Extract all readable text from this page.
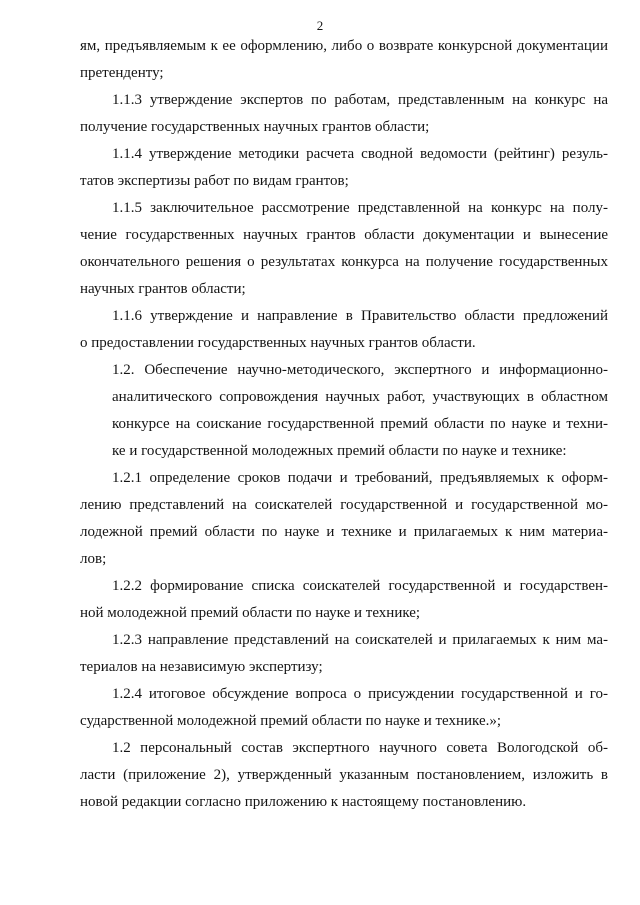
2
ям, предъявляемым к ее оформлению, либо о возврате конкурсной документации
претенденту;
1.1.3 утверждение экспертов по работам, представленным на конкурс на
получение государственных научных грантов области;
1.1.4 утверждение методики расчета сводной ведомости (рейтинг) резуль-
татов экспертизы работ по видам грантов;
1.1.5 заключительное рассмотрение представленной на конкурс на полу-
чение государственных научных грантов области документации и вынесение
окончательного решения о результатах конкурса на получение государственных
научных грантов области;
1.1.6 утверждение и направление в Правительство области предложений
о предоставлении государственных научных грантов области.
1.2. Обеспечение научно-методического, экспертного и информационно-
аналитического сопровождения научных работ, участвующих в областном
конкурсе на соискание государственной премий области по науке и техни-
ке и государственной молодежных премий области по науке и технике:
1.2.1 определение сроков подачи и требований, предъявляемых к оформ-
лению представлений на соискателей государственной и государственной мо-
лодежной премий области по науке и технике и прилагаемых к ним материа-
лов;
1.2.2 формирование списка соискателей государственной и государствен-
ной молодежной премий области по науке и технике;
1.2.3 направление представлений на соискателей и прилагаемых к ним ма-
териалов на независимую экспертизу;
1.2.4 итоговое обсуждение вопроса о присуждении государственной и го-
сударственной молодежной премий области по науке и технике.»;
1.2 персональный состав экспертного научного совета Вологодской об-
ласти (приложение 2), утвержденный указанным постановлением, изложить в
новой редакции согласно приложению к настоящему постановлению.
